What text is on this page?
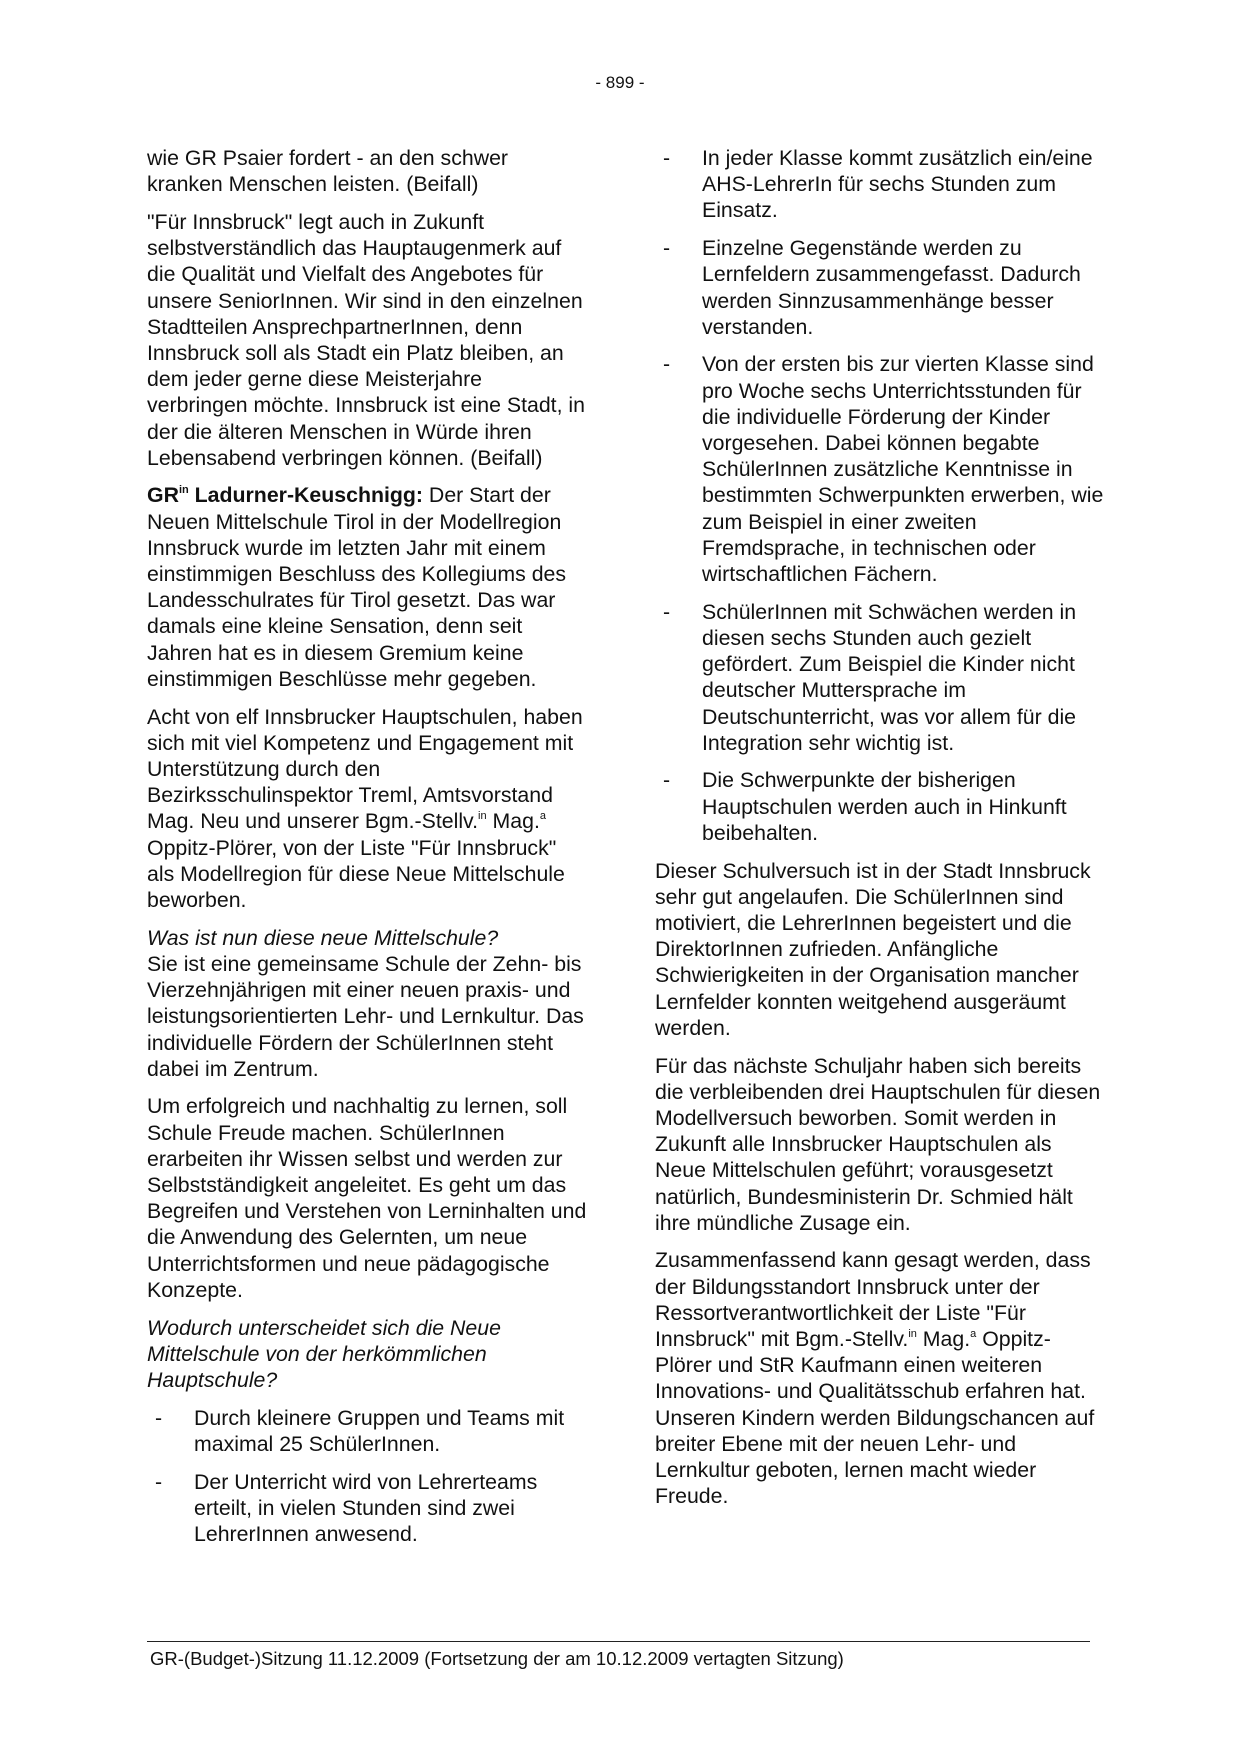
- 899 -

wie GR Psaier fordert - an den schwer kranken Menschen leisten. (Beifall)

"Für Innsbruck" legt auch in Zukunft selbstverständlich das Hauptaugenmerk auf die Qualität und Vielfalt des Angebotes für unsere SeniorInnen. Wir sind in den einzelnen Stadtteilen AnsprechpartnerInnen, denn Innsbruck soll als Stadt ein Platz bleiben, an dem jeder gerne diese Meisterjahre verbringen möchte. Innsbruck ist eine Stadt, in der die älteren Menschen in Würde ihren Lebensabend verbringen können. (Beifall)

$GR^{in}$ Ladurner-Keuschnigg: Der Start der Neuen Mittelschule Tirol in der Modellregion Innsbruck wurde im letzten Jahr mit einem einstimmigen Beschluss des Kollegiums des Landesschulrates für Tirol gesetzt. Das war damals eine kleine Sensation, denn seit Jahren hat es in diesem Gremium keine einstimmigen Beschlüsse mehr gegeben.

Acht von elf Innsbrucker Hauptschulen, haben sich mit viel Kompetenz und Engagement mit Unterstützung durch den Bezirksschulinspektor Treml, Amtsvorstand Mag. Neu und unserer Bgm.-Stellv.$^{in}$ Mag.$^a$ Oppitz-Plörer, von der Liste "Für Innsbruck" als Modellregion für diese Neue Mittelschule beworben.

Was ist nun diese neue Mittelschule?

Sie ist eine gemeinsame Schule der Zehn- bis Vierzehnjährigen mit einer neuen praxis- und leistungsorientierten Lehr- und Lernkultur. Das individuelle Fördern der SchülerInnen steht dabei im Zentrum.

Um erfolgreich und nachhaltig zu lernen, soll Schule Freude machen. SchülerInnen erarbeiten ihr Wissen selbst und werden zur Selbstständigkeit angeleitet. Es geht um das Begreifen und Verstehen von Lerninhalten und die Anwendung des Gelernten, um neue Unterrichtsformen und neue pädagogische Konzepte.

Wodurch unterscheidet sich die Neue Mittelschule von der herkömmlichen Hauptschule?

- Durch kleinere Gruppen und Teams mit maximal 25 SchülerInnen.
- Der Unterricht wird von Lehrerteams erteilt, in vielen Stunden sind zwei LehrerInnen anwesend.
- In jeder Klasse kommt zusätzlich ein/eine AHS-LehrerIn für sechs Stunden zum Einsatz.
- Einzelne Gegenstände werden zu Lernfeldern zusammengefasst. Dadurch werden Sinnzusammenhänge besser verstanden.
- Von der ersten bis zur vierten Klasse sind pro Woche sechs Unterrichtsstunden für die individuelle Förderung der Kinder vorgesehen. Dabei können begabte SchülerInnen zusätzliche Kenntnisse in bestimmten Schwerpunkten erwerben, wie zum Beispiel in einer zweiten Fremdsprache, in technischen oder wirtschaftlichen Fächern.
- SchülerInnen mit Schwächen werden in diesen sechs Stunden auch gezielt gefördert. Zum Beispiel die Kinder nicht deutscher Muttersprache im Deutschunterricht, was vor allem für die Integration sehr wichtig ist.
- Die Schwerpunkte der bisherigen Hauptschulen werden auch in Hinkunft beibehalten.

Dieser Schulversuch ist in der Stadt Innsbruck sehr gut angelaufen. Die SchülerInnen sind motiviert, die LehrerInnen begeistert und die DirektorInnen zufrieden. Anfängliche Schwierigkeiten in der Organisation mancher Lernfelder konnten weitgehend ausgeräumt werden.

Für das nächste Schuljahr haben sich bereits die verbleibenden drei Hauptschulen für diesen Modellversuch beworben. Somit werden in Zukunft alle Innsbrucker Hauptschulen als Neue Mittelschulen geführt; vorausgesetzt natürlich, Bundesministerin Dr. Schmied hält ihre mündliche Zusage ein.

Zusammenfassend kann gesagt werden, dass der Bildungsstandort Innsbruck unter der Ressortverantwortlichkeit der Liste "Für Innsbruck" mit Bgm.-Stellv.$^{in}$ Mag.$^a$ Oppitz-Plörer und StR Kaufmann einen weiteren Innovations- und Qualitätsschub erfahren hat. Unseren Kindern werden Bildungschancen auf breiter Ebene mit der neuen Lehr- und Lernkultur geboten, lernen macht wieder Freude.

GR-(Budget-)Sitzung 11.12.2009 (Fortsetzung der am 10.12.2009 vertagten Sitzung)
